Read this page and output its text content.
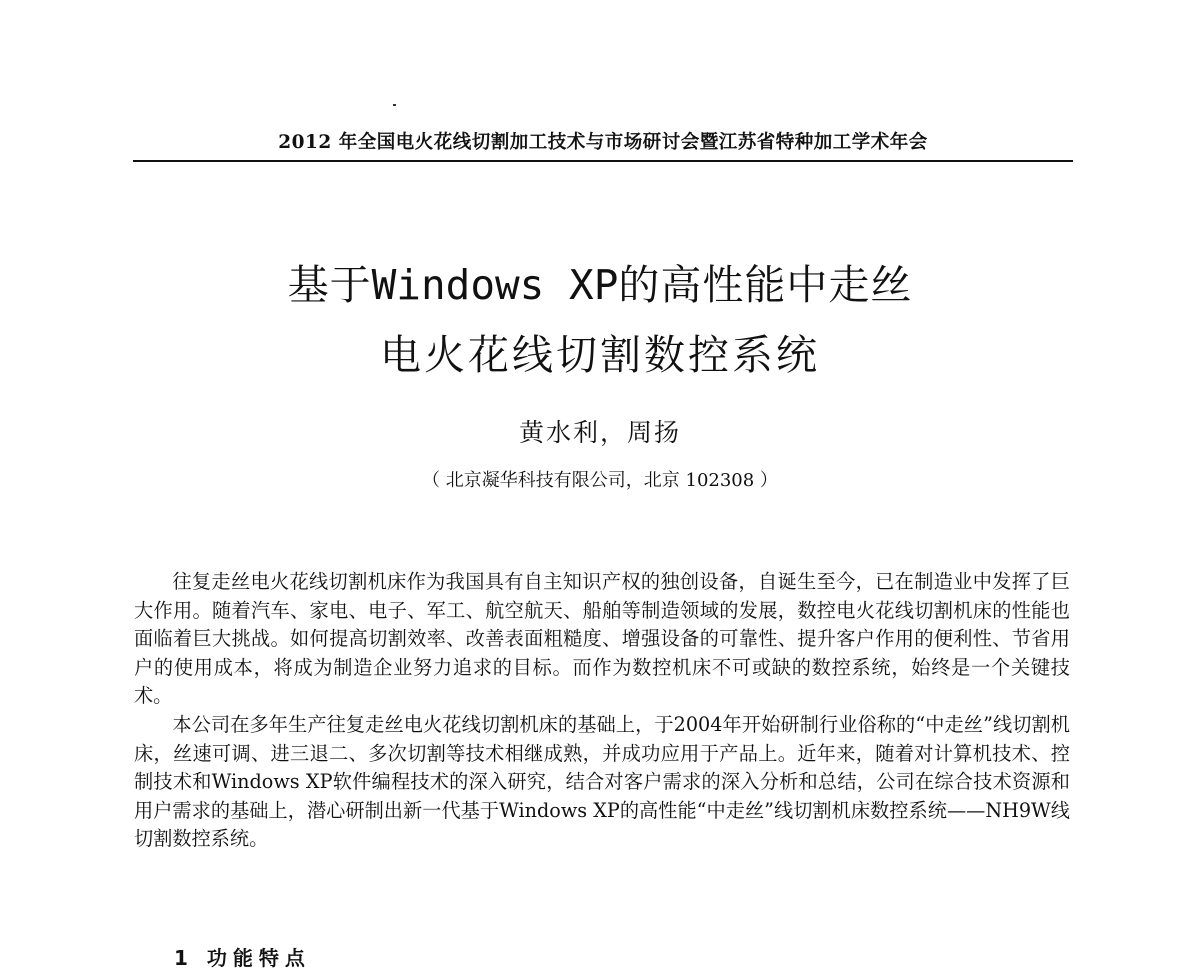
2012 年全国电火花线切割加工技术与市场研讨会暨江苏省特种加工学术年会
基于Windows XP的高性能中走丝
电火花线切割数控系统
黄水利，周扬
（ 北京凝华科技有限公司，北京 102308 ）

往复走丝电火花线切割机床作为我国具有自主知识产权的独创设备，自诞生至今，已在制造业中发挥了巨大作用。随着汽车、家电、电子、军工、航空航天、船舶等制造领域的发展，数控电火花线切割机床的性能也面临着巨大挑战。如何提高切割效率、改善表面粗糙度、增强设备的可靠性、提升客户作用的便利性、节省用户的使用成本，将成为制造企业努力追求的目标。而作为数控机床不可或缺的数控系统，始终是一个关键技术。

本公司在多年生产往复走丝电火花线切割机床的基础上，于2004年开始研制行业俗称的“中走丝”线切割机床，丝速可调、进三退二、多次切割等技术相继成熟，并成功应用于产品上。近年来，随着对计算机技术、控制技术和Windows XP软件编程技术的深入研究，结合对客户需求的深入分析和总结，公司在综合技术资源和用户需求的基础上，潜心研制出新一代基于Windows XP的高性能“中走丝”线切割机床数控系统——NH9W线切割数控系统。

1 功能特点
